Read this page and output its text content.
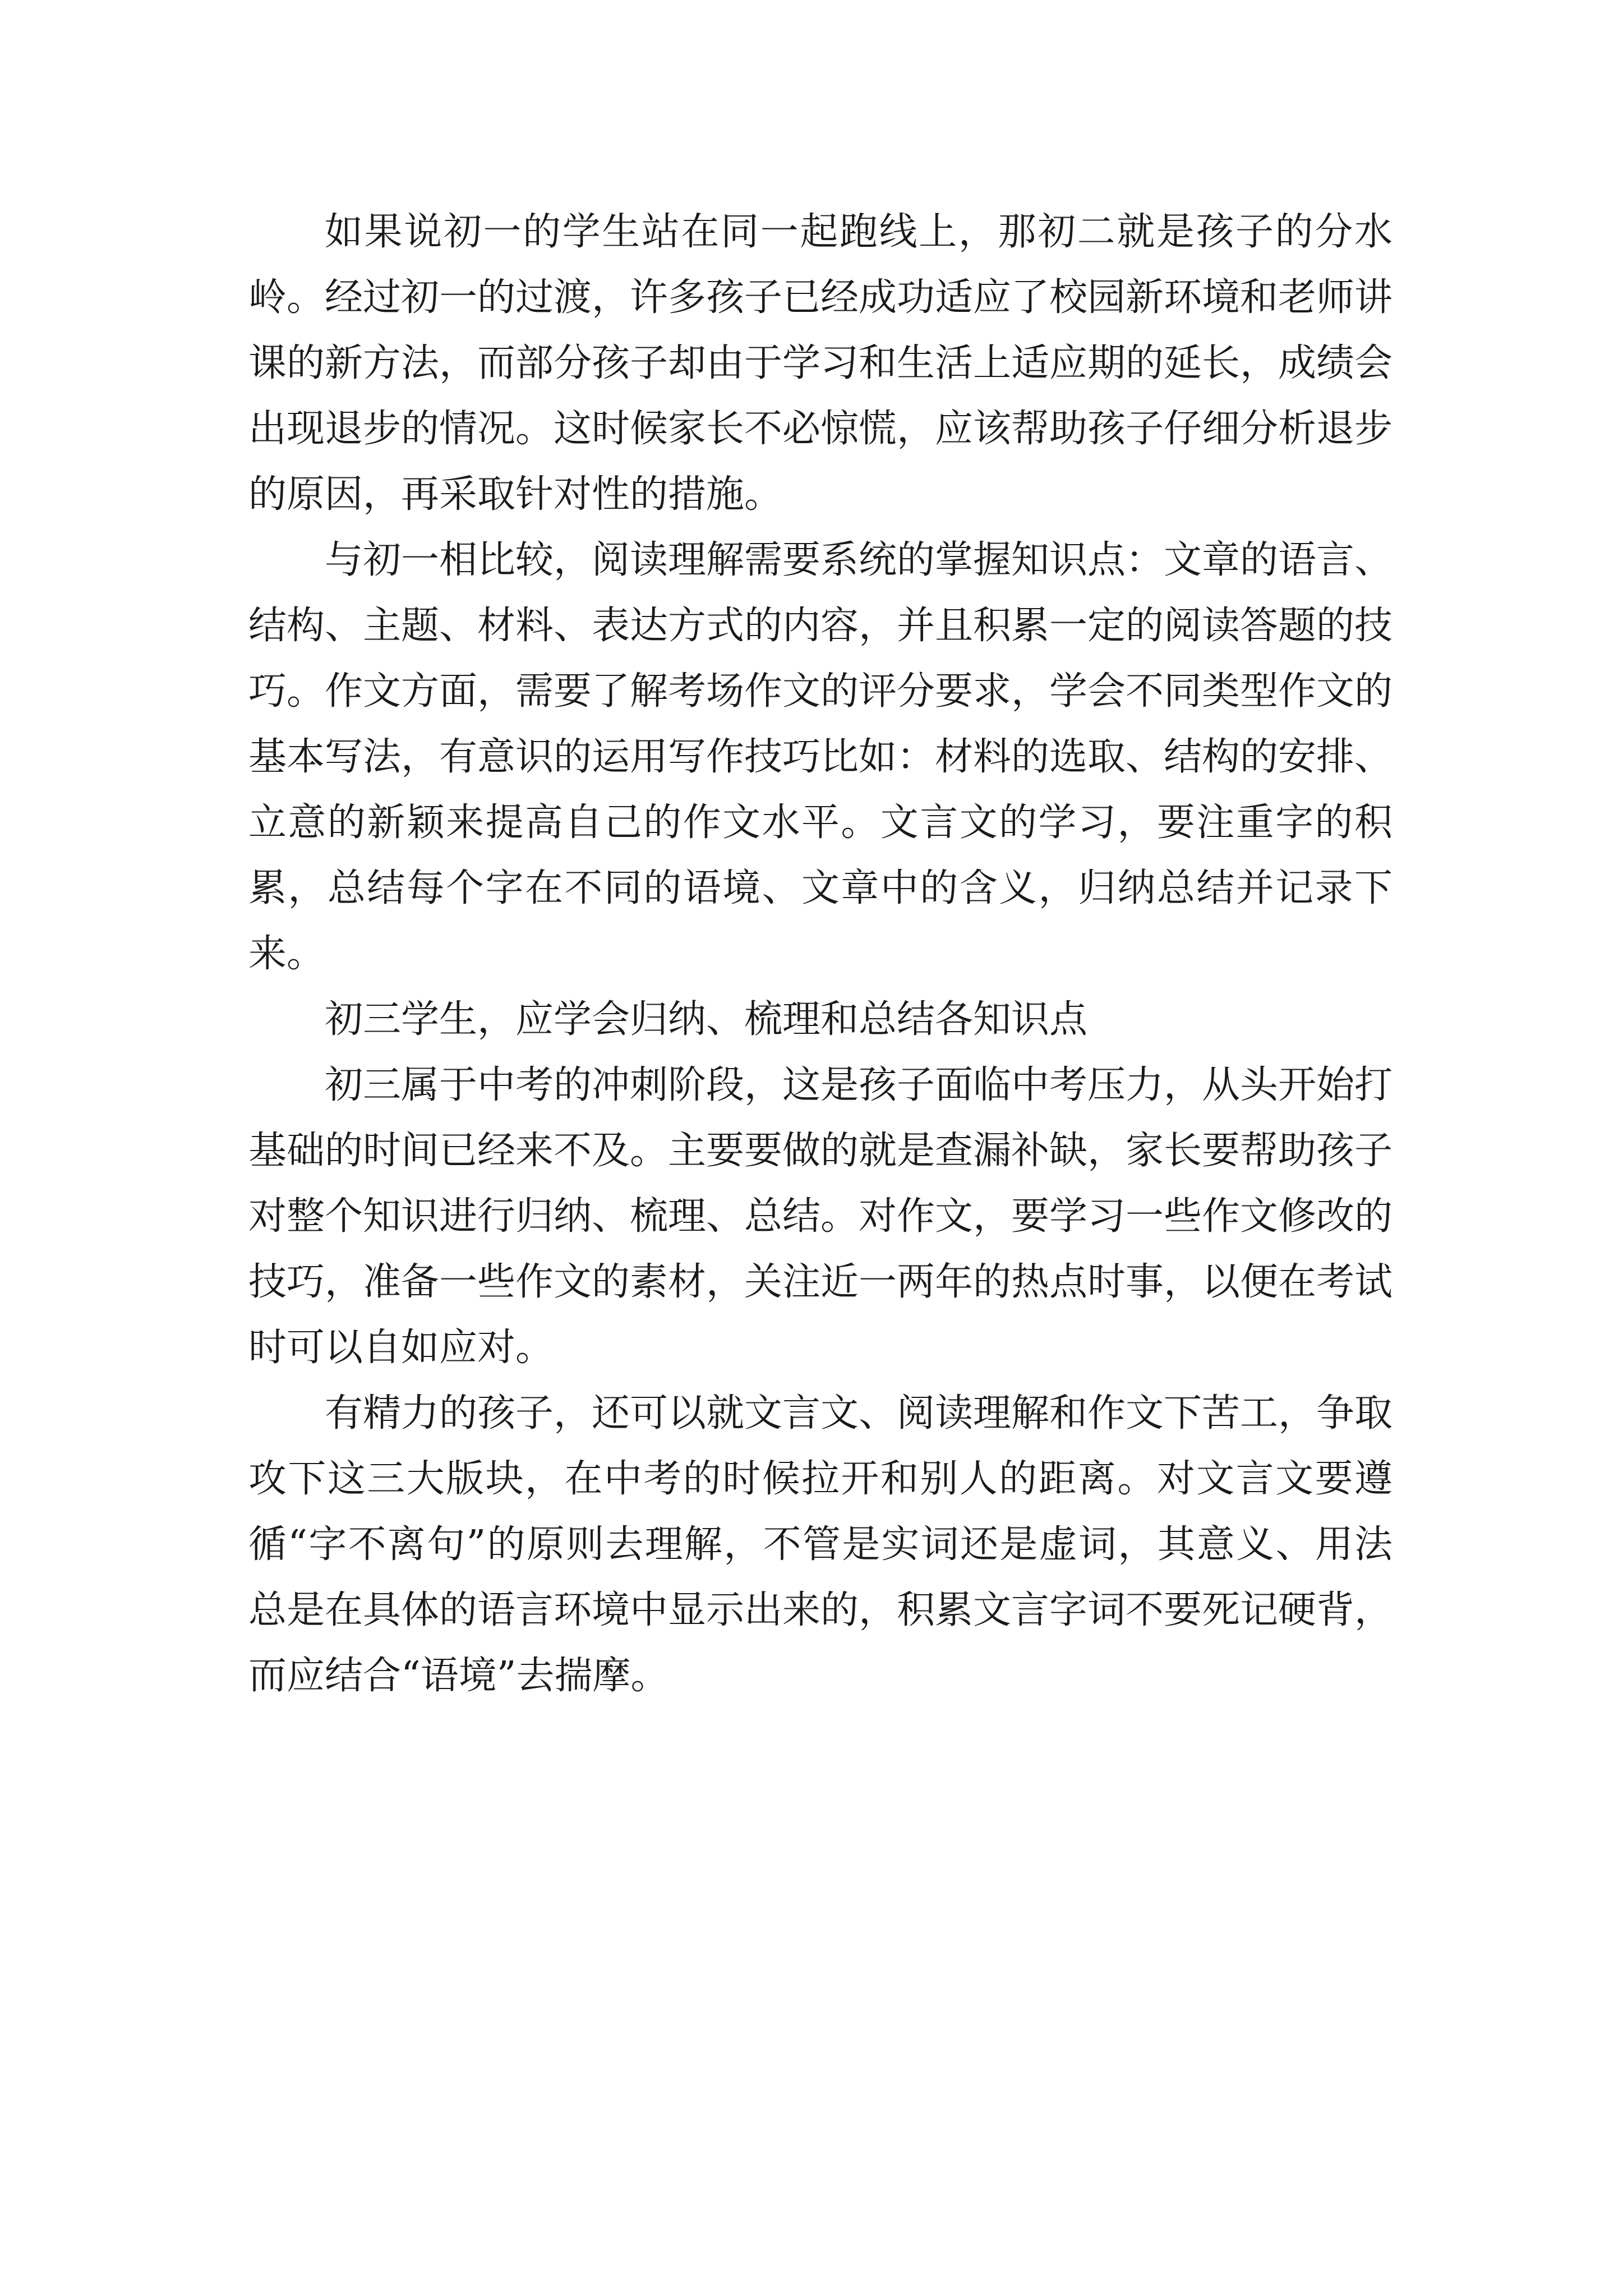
如果说初一的学生站在同一起跑线上，那初二就是孩子的分水岭。经过初一的过渡，许多孩子已经成功适应了校园新环境和老师讲课的新方法，而部分孩子却由于学习和生活上适应期的延长，成绩会出现退步的情况。这时候家长不必惊慌，应该帮助孩子仔细分析退步的原因，再采取针对性的措施。

与初一相比较，阅读理解需要系统的掌握知识点：文章的语言、结构、主题、材料、表达方式的内容，并且积累一定的阅读答题的技巧。作文方面，需要了解考场作文的评分要求，学会不同类型作文的基本写法，有意识的运用写作技巧比如：材料的选取、结构的安排、立意的新颖来提高自己的作文水平。文言文的学习，要注重字的积累，总结每个字在不同的语境、文章中的含义，归纳总结并记录下来。

初三学生，应学会归纳、梳理和总结各知识点

初三属于中考的冲刺阶段，这是孩子面临中考压力，从头开始打基础的时间已经来不及。主要要做的就是查漏补缺，家长要帮助孩子对整个知识进行归纳、梳理、总结。对作文，要学习一些作文修改的技巧，准备一些作文的素材，关注近一两年的热点时事，以便在考试时可以自如应对。

有精力的孩子，还可以就文言文、阅读理解和作文下苦工，争取攻下这三大版块，在中考的时候拉开和别人的距离。对文言文要遵循“字不离句”的原则去理解，不管是实词还是虚词，其意义、用法总是在具体的语言环境中显示出来的，积累文言字词不要死记硬背，而应结合“语境”去揣摩。
